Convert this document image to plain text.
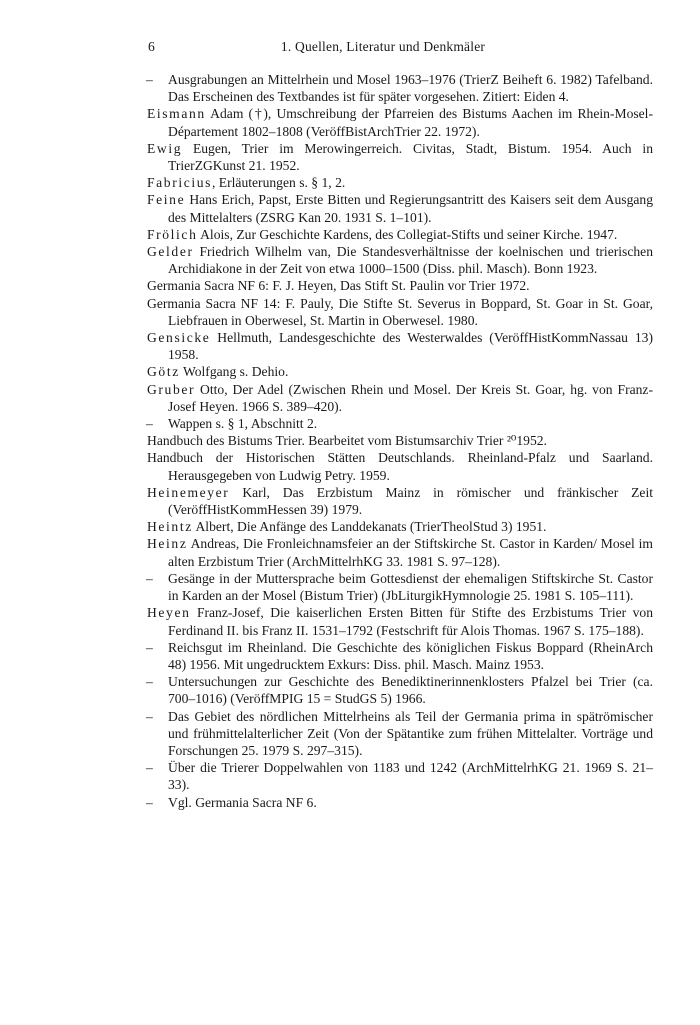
6	1. Quellen, Literatur und Denkmäler

– Ausgrabungen an Mittelrhein und Mosel 1963–1976 (TrierZ Beiheft 6. 1982) Tafelband. Das Erscheinen des Textbandes ist für später vorgesehen. Zitiert: Eiden 4.

Eismann Adam (†), Umschreibung der Pfarreien des Bistums Aachen im Rhein-Mosel-Département 1802–1808 (VeröffBistArchTrier 22. 1972).

Ewig Eugen, Trier im Merowingerreich. Civitas, Stadt, Bistum. 1954. Auch in TrierZGKunst 21. 1952.

Fabricius, Erläuterungen s. § 1, 2.

Feine Hans Erich, Papst, Erste Bitten und Regierungsantritt des Kaisers seit dem Ausgang des Mittelalters (ZSRG Kan 20. 1931 S. 1–101).

Frölich Alois, Zur Geschichte Kardens, des Collegiat-Stifts und seiner Kirche. 1947.

Gelder Friedrich Wilhelm van, Die Standesverhältnisse der koelnischen und trierischen Archidiakone in der Zeit von etwa 1000–1500 (Diss. phil. Masch). Bonn 1923.

Germania Sacra NF 6: F. J. Heyen, Das Stift St. Paulin vor Trier 1972.

Germania Sacra NF 14: F. Pauly, Die Stifte St. Severus in Boppard, St. Goar in St. Goar, Liebfrauen in Oberwesel, St. Martin in Oberwesel. 1980.

Gensicke Hellmuth, Landesgeschichte des Westerwaldes (VeröffHistKommNassau 13) 1958.

Götz Wolfgang s. Dehio.

Gruber Otto, Der Adel (Zwischen Rhein und Mosel. Der Kreis St. Goar, hg. von Franz-Josef Heyen. 1966 S. 389–420).

– Wappen s. § 1, Abschnitt 2.

Handbuch des Bistums Trier. Bearbeitet vom Bistumsarchiv Trier ²⁰1952.

Handbuch der Historischen Stätten Deutschlands. Rheinland-Pfalz und Saarland. Herausgegeben von Ludwig Petry. 1959.

Heinemeyer Karl, Das Erzbistum Mainz in römischer und fränkischer Zeit (VeröffHistKommHessen 39) 1979.

Heintz Albert, Die Anfänge des Landdekanats (TrierTheolStud 3) 1951.

Heinz Andreas, Die Fronleichnamsfeier an der Stiftskirche St. Castor in Karden/ Mosel im alten Erzbistum Trier (ArchMittelrhKG 33. 1981 S. 97–128).

– Gesänge in der Muttersprache beim Gottesdienst der ehemaligen Stiftskirche St. Castor in Karden an der Mosel (Bistum Trier) (JbLiturgikHymnologie 25. 1981 S. 105–111).

Heyen Franz-Josef, Die kaiserlichen Ersten Bitten für Stifte des Erzbistums Trier von Ferdinand II. bis Franz II. 1531–1792 (Festschrift für Alois Thomas. 1967 S. 175–188).

– Reichsgut im Rheinland. Die Geschichte des königlichen Fiskus Boppard (RheinArch 48) 1956. Mit ungedrucktem Exkurs: Diss. phil. Masch. Mainz 1953.

– Untersuchungen zur Geschichte des Benediktinerinnenklosters Pfalzel bei Trier (ca. 700–1016) (VeröffMPIG 15 = StudGS 5) 1966.

– Das Gebiet des nördlichen Mittelrheins als Teil der Germania prima in spätrömischer und frühmittelalterlicher Zeit (Von der Spätantike zum frühen Mittelalter. Vorträge und Forschungen 25. 1979 S. 297–315).

– Über die Trierer Doppelwahlen von 1183 und 1242 (ArchMittelrhKG 21. 1969 S. 21–33).

– Vgl. Germania Sacra NF 6.
